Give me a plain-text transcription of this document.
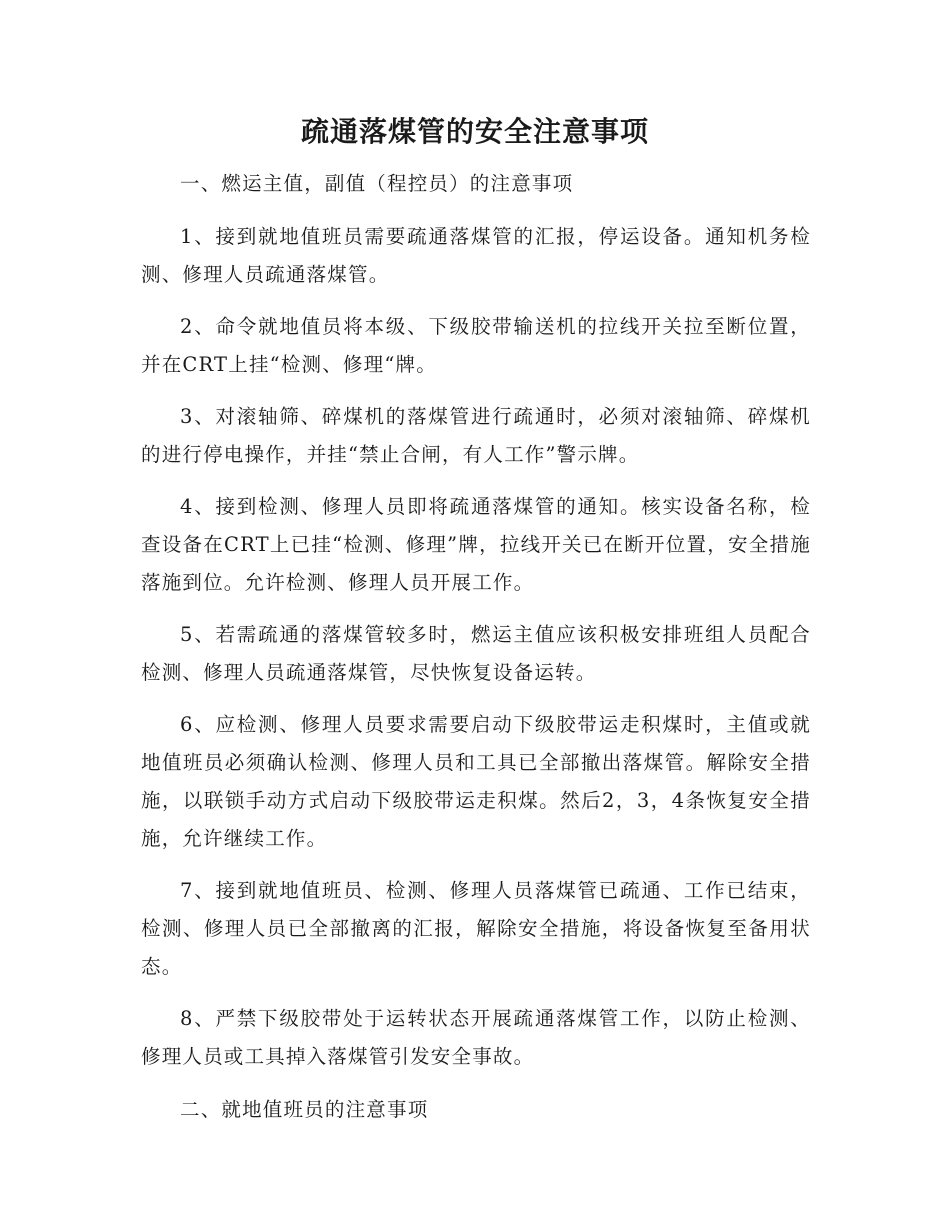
疏通落煤管的安全注意事项

一、燃运主值，副值（程控员）的注意事项

1、接到就地值班员需要疏通落煤管的汇报，停运设备。通知机务检测、修理人员疏通落煤管。

2、命令就地值员将本级、下级胶带输送机的拉线开关拉至断位置，并在CRT上挂“检测、修理“牌。

3、对滚轴筛、碎煤机的落煤管进行疏通时，必须对滚轴筛、碎煤机的进行停电操作，并挂“禁止合闸，有人工作”警示牌。

4、接到检测、修理人员即将疏通落煤管的通知。核实设备名称，检查设备在CRT上已挂“检测、修理”牌，拉线开关已在断开位置，安全措施落施到位。允许检测、修理人员开展工作。

5、若需疏通的落煤管较多时，燃运主值应该积极安排班组人员配合检测、修理人员疏通落煤管，尽快恢复设备运转。

6、应检测、修理人员要求需要启动下级胶带运走积煤时，主值或就地值班员必须确认检测、修理人员和工具已全部撤出落煤管。解除安全措施，以联锁手动方式启动下级胶带运走积煤。然后2，3，4条恢复安全措施，允许继续工作。

7、接到就地值班员、检测、修理人员落煤管已疏通、工作已结束，检测、修理人员已全部撤离的汇报，解除安全措施，将设备恢复至备用状态。

8、严禁下级胶带处于运转状态开展疏通落煤管工作，以防止检测、修理人员或工具掉入落煤管引发安全事故。

二、就地值班员的注意事项
